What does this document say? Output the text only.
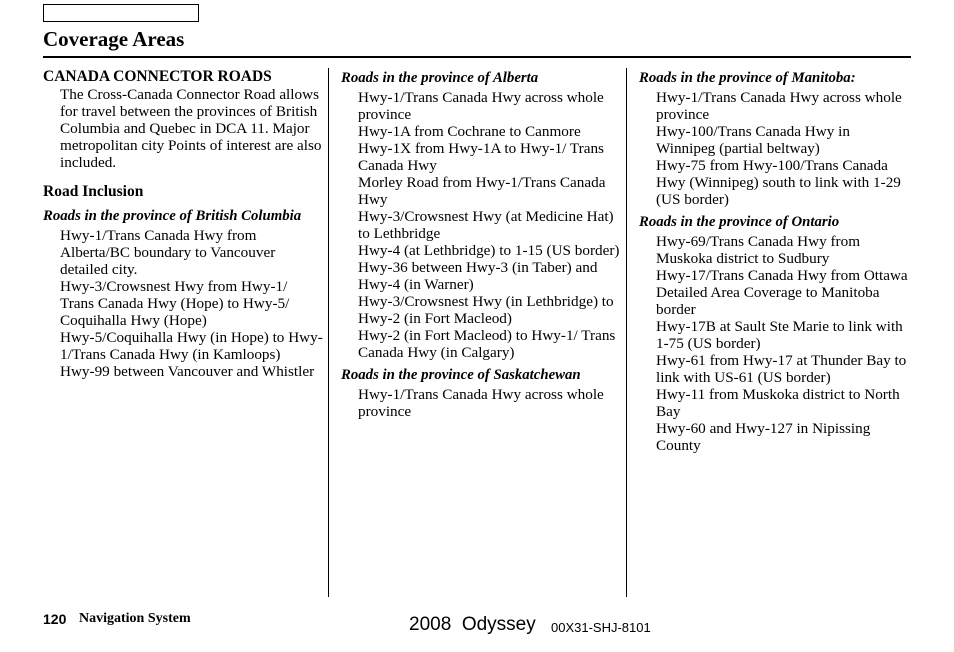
Coverage Areas
CANADA CONNECTOR ROADS
The Cross-Canada Connector Road allows for travel between the provinces of British Columbia and Quebec in DCA 11. Major metropolitan city Points of interest are also included.
Road Inclusion
Roads in the province of British Columbia
Hwy-1/Trans Canada Hwy from Alberta/BC boundary to Vancouver detailed city.
Hwy-3/Crowsnest Hwy from Hwy-1/ Trans Canada Hwy (Hope) to Hwy-5/ Coquihalla Hwy (Hope)
Hwy-5/Coquihalla Hwy (in Hope) to Hwy-1/Trans Canada Hwy (in Kamloops)
Hwy-99 between Vancouver and Whistler
Roads in the province of Alberta
Hwy-1/Trans Canada Hwy across whole province
Hwy-1A from Cochrane to Canmore
Hwy-1X from Hwy-1A to Hwy-1/ Trans Canada Hwy
Morley Road from Hwy-1/Trans Canada Hwy
Hwy-3/Crowsnest Hwy (at Medicine Hat) to Lethbridge
Hwy-4 (at Lethbridge) to 1-15 (US border)
Hwy-36 between Hwy-3 (in Taber) and Hwy-4 (in Warner)
Hwy-3/Crowsnest Hwy (in Lethbridge) to Hwy-2 (in Fort Macleod)
Hwy-2 (in Fort Macleod) to Hwy-1/ Trans Canada Hwy (in Calgary)
Roads in the province of Saskatchewan
Hwy-1/Trans Canada Hwy across whole province
Roads in the province of Manitoba:
Hwy-1/Trans Canada Hwy across whole province
Hwy-100/Trans Canada Hwy in Winnipeg (partial beltway)
Hwy-75 from Hwy-100/Trans Canada Hwy (Winnipeg) south to link with 1-29 (US border)
Roads in the province of Ontario
Hwy-69/Trans Canada Hwy from Muskoka district to Sudbury
Hwy-17/Trans Canada Hwy from Ottawa Detailed Area Coverage to Manitoba border
Hwy-17B at Sault Ste Marie to link with 1-75 (US border)
Hwy-61 from Hwy-17 at Thunder Bay to link with US-61 (US border)
Hwy-11 from Muskoka district to North Bay
Hwy-60 and Hwy-127 in Nipissing County
120 Navigation System	2008  Odyssey 00X31-SHJ-8101
